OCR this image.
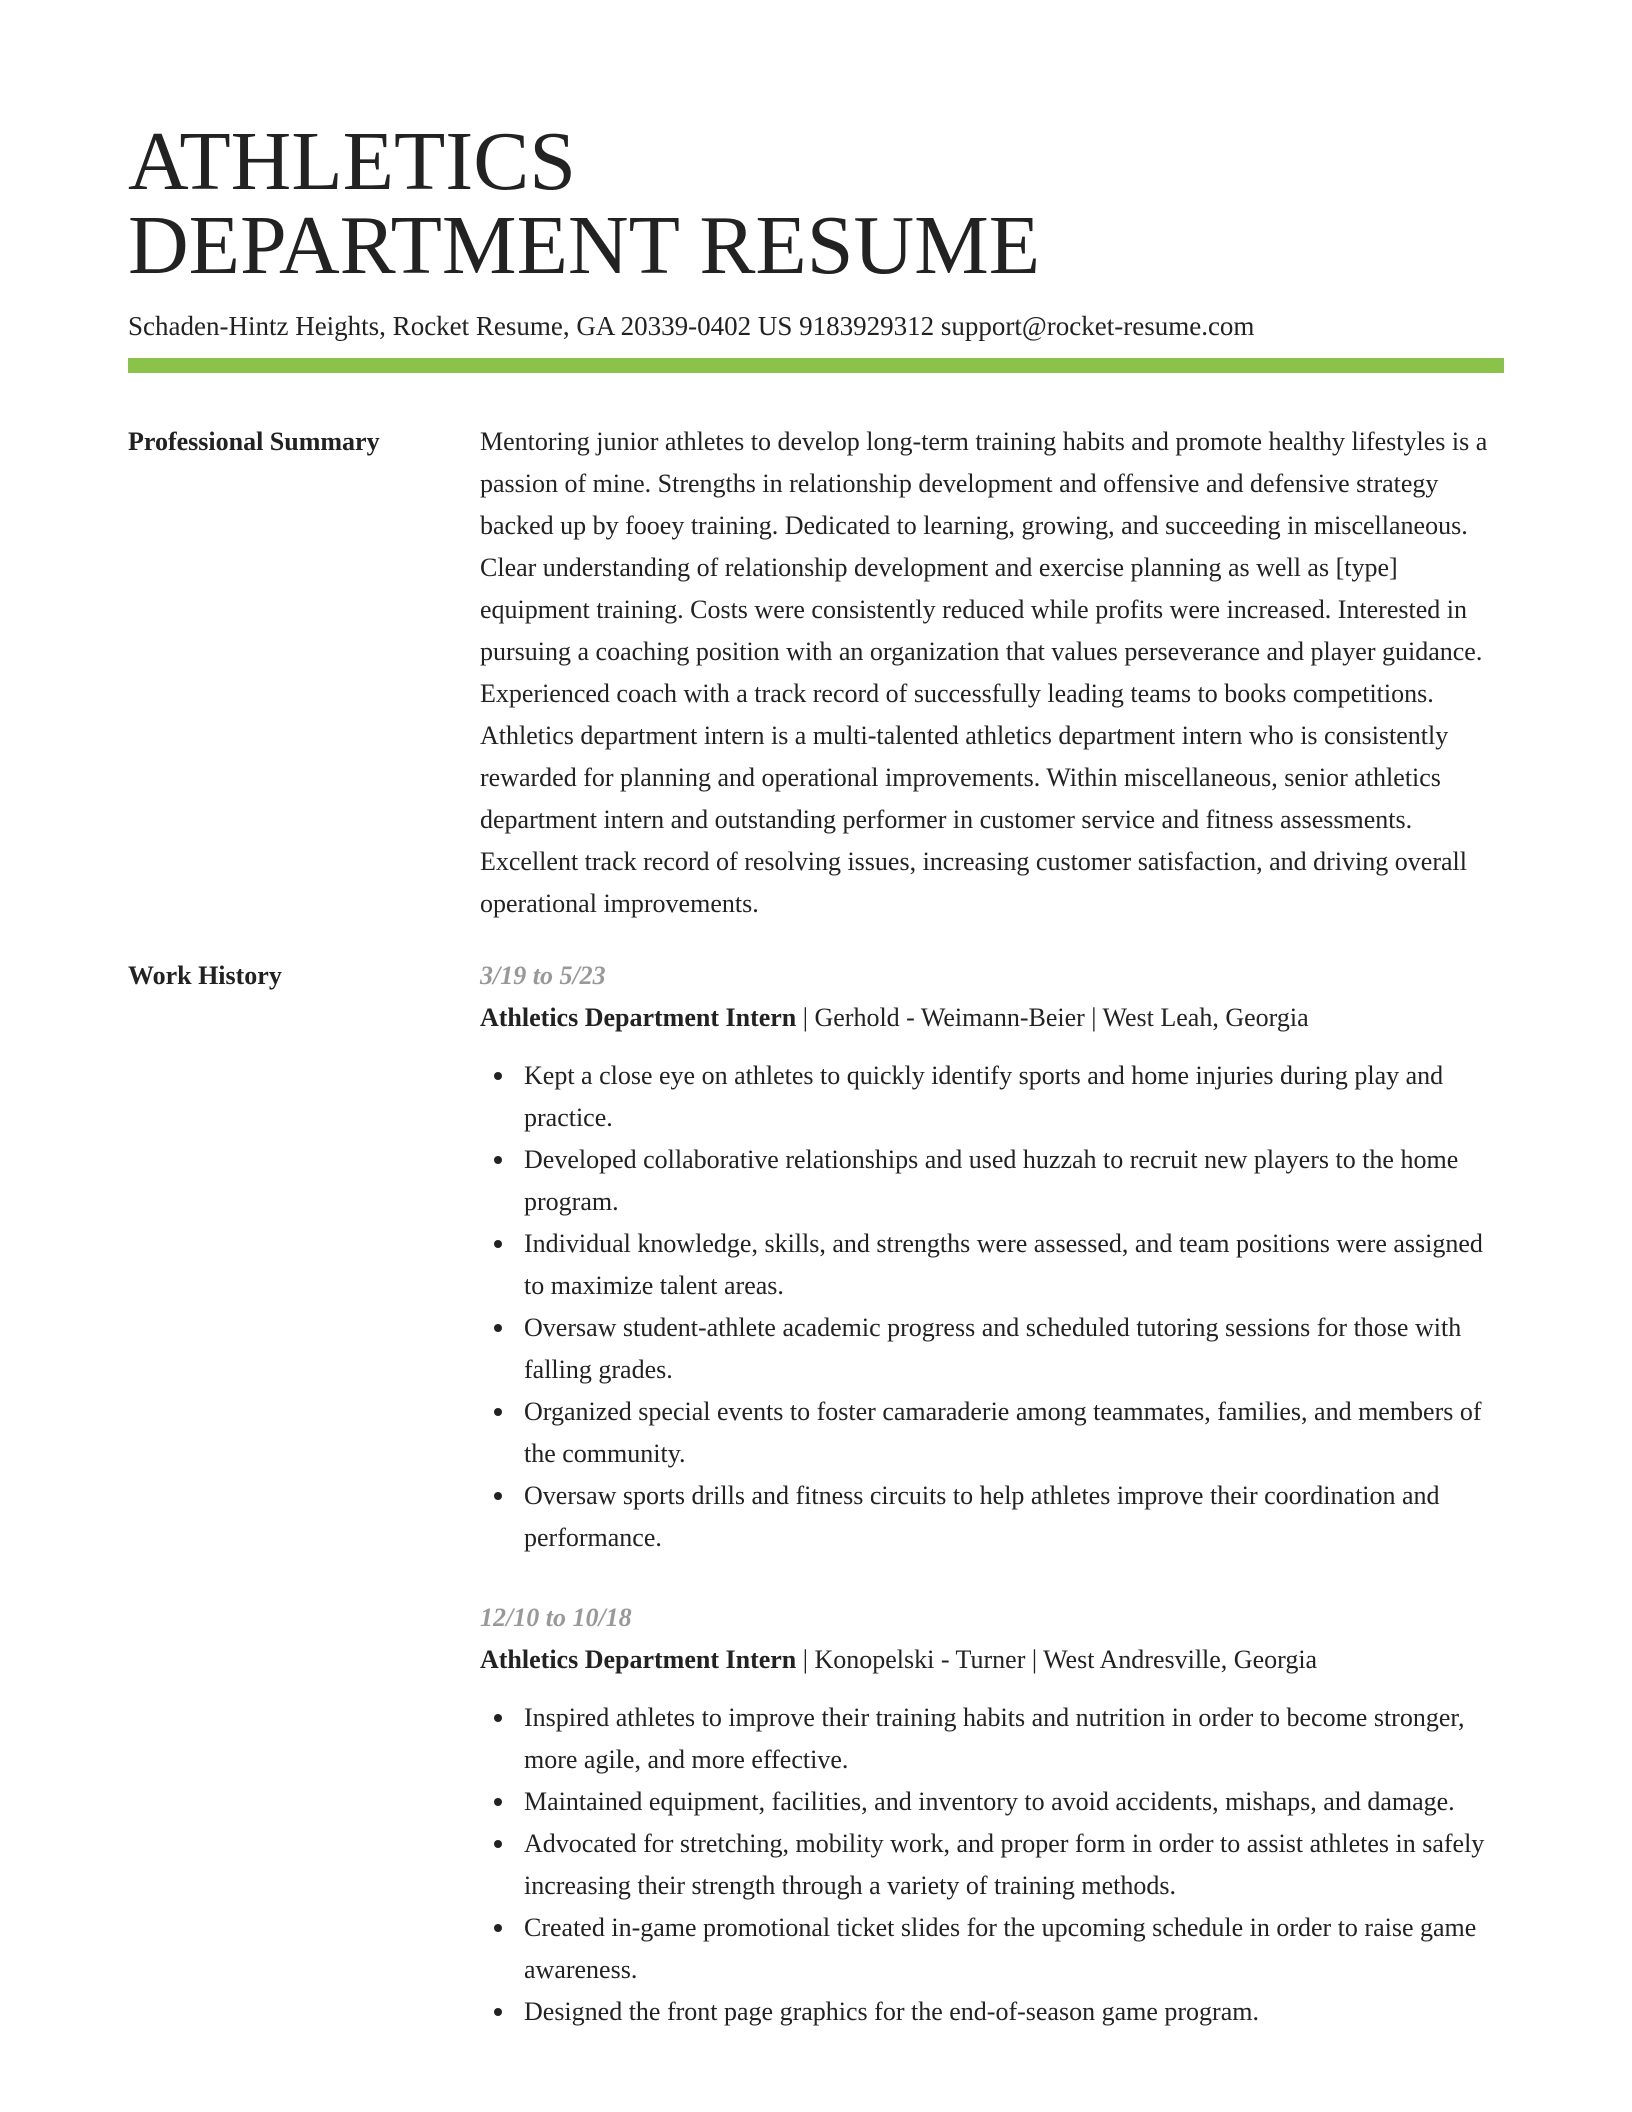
ATHLETICS
DEPARTMENT RESUME
Schaden-Hintz Heights, Rocket Resume, GA 20339-0402 US 9183929312 support@rocket-resume.com
Professional Summary	Mentoring junior athletes to develop long-term training habits and promote healthy lifestyles is a passion of mine. Strengths in relationship development and offensive and defensive strategy backed up by fooey training. Dedicated to learning, growing, and succeeding in miscellaneous. Clear understanding of relationship development and exercise planning as well as [type] equipment training. Costs were consistently reduced while profits were increased. Interested in pursuing a coaching position with an organization that values perseverance and player guidance. Experienced coach with a track record of successfully leading teams to books competitions. Athletics department intern is a multi-talented athletics department intern who is consistently rewarded for planning and operational improvements. Within miscellaneous, senior athletics department intern and outstanding performer in customer service and fitness assessments. Excellent track record of resolving issues, increasing customer satisfaction, and driving overall operational improvements.

Work History	3/19 to 5/23
Athletics Department Intern | Gerhold - Weimann-Beier | West Leah, Georgia
Kept a close eye on athletes to quickly identify sports and home injuries during play and practice.
Developed collaborative relationships and used huzzah to recruit new players to the home program.
Individual knowledge, skills, and strengths were assessed, and team positions were assigned to maximize talent areas.
Oversaw student-athlete academic progress and scheduled tutoring sessions for those with falling grades.
Organized special events to foster camaraderie among teammates, families, and members of the community.
Oversaw sports drills and fitness circuits to help athletes improve their coordination and performance.
12/10 to 10/18
Athletics Department Intern | Konopelski - Turner | West Andresville, Georgia
Inspired athletes to improve their training habits and nutrition in order to become stronger, more agile, and more effective.
Maintained equipment, facilities, and inventory to avoid accidents, mishaps, and damage.
Advocated for stretching, mobility work, and proper form in order to assist athletes in safely increasing their strength through a variety of training methods.
Created in-game promotional ticket slides for the upcoming schedule in order to raise game awareness.
Designed the front page graphics for the end-of-season game program.
